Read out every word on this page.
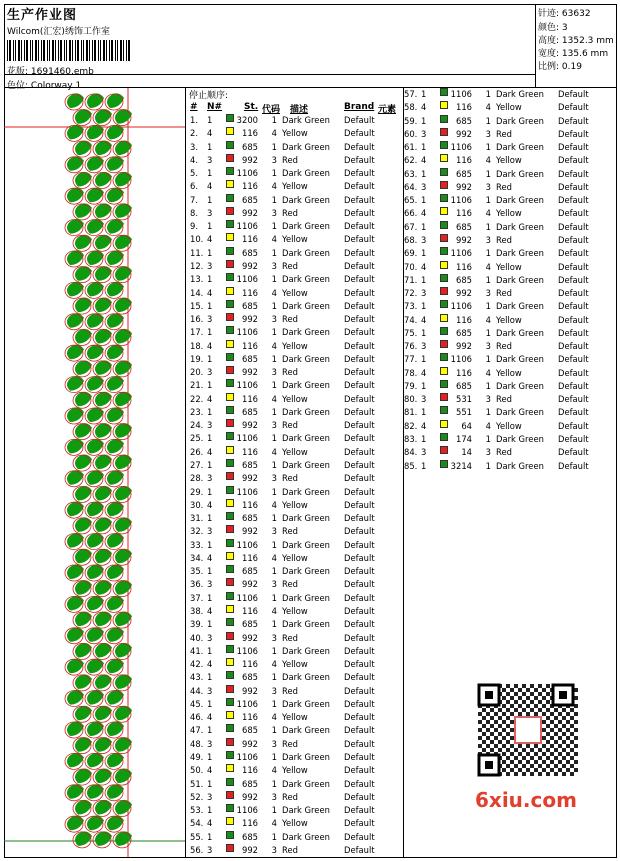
生产作业图
Wilcom(汇宏)绣饰工作室
花版: 1691460.emb
色位: Colorway 1
针迹: 63632
颜色: 3
高度: 1352.3 mm
宽度: 135.6 mm
比例: 0.19
停止顺序:
# N# St. 代码 描述	Brand 元素
1. 1	3200 1 Dark Green Default
2. 4	116 4 Yellow	Default
3. 1	685 1 Dark Green Default
4. 3	992 3 Red	Default
5. 1	1106 1 Dark Green Default
6. 4	116 4 Yellow	Default
7. 1	685 1 Dark Green Default
8. 3	992 3 Red	Default
9. 1	1106 1 Dark Green Default
10. 4	116 4 Yellow	Default
11. 1	685 1 Dark Green Default
12. 3	992 3 Red	Default
13. 1	1106 1 Dark Green Default
14. 4	116 4 Yellow	Default
15. 1	685 1 Dark Green Default
16. 3	992 3 Red	Default
17. 1	1106 1 Dark Green Default
18. 4	116 4 Yellow	Default
19. 1	685 1 Dark Green Default
20. 3	992 3 Red	Default
21. 1	1106 1 Dark Green Default
22. 4	116 4 Yellow	Default
23. 1	685 1 Dark Green Default
24. 3	992 3 Red	Default
25. 1	1106 1 Dark Green Default
26. 4	116 4 Yellow	Default
27. 1	685 1 Dark Green Default
28. 3	992 3 Red	Default
29. 1	1106 1 Dark Green Default
30. 4	116 4 Yellow	Default
31. 1	685 1 Dark Green Default
32. 3	992 3 Red	Default
33. 1	1106 1 Dark Green Default
34. 4	116 4 Yellow	Default
35. 1	685 1 Dark Green Default
36. 3	992 3 Red	Default
37. 1	1106 1 Dark Green Default
38. 4	116 4 Yellow	Default
39. 1	685 1 Dark Green Default
40. 3	992 3 Red	Default
41. 1	1106 1 Dark Green Default
42. 4	116 4 Yellow	Default
43. 1	685 1 Dark Green Default
44. 3	992 3 Red	Default
45. 1	1106 1 Dark Green Default
46. 4	116 4 Yellow	Default
47. 1	685 1 Dark Green Default
48. 3	992 3 Red	Default
49. 1	1106 1 Dark Green Default
50. 4	116 4 Yellow	Default
51. 1	685 1 Dark Green Default
52. 3	992 3 Red	Default
53. 1	1106 1 Dark Green Default
54. 4	116 4 Yellow	Default
55. 1	685 1 Dark Green Default
56. 3	992 3 Red	Default
57. 1	1106 1 Dark Green Default
58. 4	116 4 Yellow	Default
59. 1	685 1 Dark Green Default
60. 3	992 3 Red	Default
61. 1	1106 1 Dark Green Default
62. 4	116 4 Yellow	Default
63. 1	685 1 Dark Green Default
64. 3	992 3 Red	Default
65. 1	1106 1 Dark Green Default
66. 4	116 4 Yellow	Default
67. 1	685 1 Dark Green Default
68. 3	992 3 Red	Default
69. 1	1106 1 Dark Green Default
70. 4	116 4 Yellow	Default
71. 1	685 1 Dark Green Default
72. 3	992 3 Red	Default
73. 1	1106 1 Dark Green Default
74. 4	116 4 Yellow	Default
75. 1	685 1 Dark Green Default
76. 3	992 3 Red	Default
77. 1	1106 1 Dark Green Default
78. 4	116 4 Yellow	Default
79. 1	685 1 Dark Green Default
80. 3	531 3 Red	Default
81. 1	551 1 Dark Green Default
82. 4	64 4 Yellow	Default
83. 1	174 1 Dark Green Default
84. 3	14 3 Red	Default
85. 1	3214 1 Dark Green Default
6xiu.com
